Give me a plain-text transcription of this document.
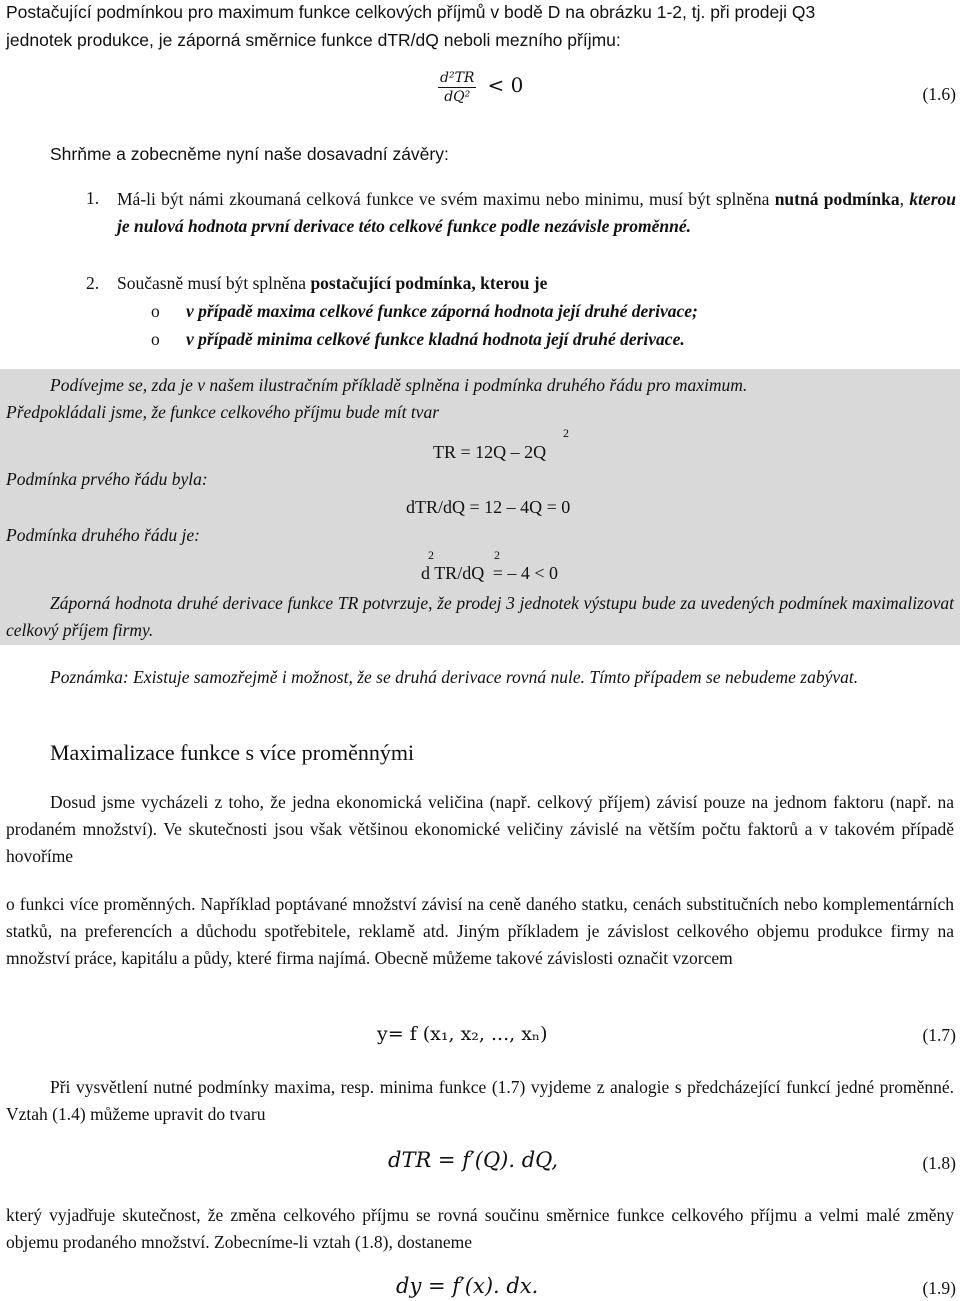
Postačující podmínkou pro maximum funkce celkových příjmů v bodě D na obrázku 1-2, tj. při prodeji Q3
jednotek produkce, je záporná směrnice funkce dTR/dQ neboli mezního příjmu:
$\frac{\text{d²TR}}{\text{dQ²}} < 0$	(1.6)
Shrňme a zobecněme nyní naše dosavadní závěry:
1. Má-li být námi zkoumaná celková funkce ve svém maximu nebo minimu, musí být splněna nutná podmínka, kterou je nulová hodnota první derivace této celkové funkce podle nezávisle proměnné.
2. Současně musí být splněna postačující podmínka, kterou je
o v případě maxima celkové funkce záporná hodnota její druhé derivace;
o v případě minima celkové funkce kladná hodnota její druhé derivace.
Podívejme se, zda je v našem ilustračním příkladě splněna i podmínka druhého řádu pro maximum.
Předpokládali jsme, že funkce celkového příjmu bude mít tvar
2
TR = 12Q – 2Q
Podmínka prvého řádu byla:
dTR/dQ = 12 – 4Q = 0
Podmínka druhého řádu je:
2	2
d TR/dQ = – 4 < 0
Záporná hodnota druhé derivace funkce TR potvrzuje, že prodej 3 jednotek výstupu bude za uvedených podmínek maximalizovat celkový příjem firmy.
Poznámka: Existuje samozřejmě i možnost, že se druhá derivace rovná nule. Tímto případem se nebudeme zabývat.
Maximalizace funkce s více proměnnými
Dosud jsme vycházeli z toho, že jedna ekonomická veličina (např. celkový příjem) závisí pouze na jednom faktoru (např. na prodaném množství). Ve skutečnosti jsou však většinou ekonomické veličiny závislé na větším počtu faktorů a v takovém případě hovoříme
o funkci více proměnných. Například poptávané množství závisí na ceně daného statku, cenách substitučních nebo komplementárních statků, na preferencích a důchodu spotřebitele, reklamě atd. Jiným příkladem je závislost celkového objemu produkce firmy na množství práce, kapitálu a půdy, které firma najímá. Obecně můžeme takové závislosti označit vzorcem
y= f (x₁, x₂, ..., xₙ)	(1.7)
Při vysvětlení nutné podmínky maxima, resp. minima funkce (1.7) vyjdeme z analogie s předcházející funkcí jedné proměnné. Vztah (1.4) můžeme upravit do tvaru
dTR = f′(Q). dQ,	(1.8)
který vyjadřuje skutečnost, že změna celkového příjmu se rovná součinu směrnice funkce celkového příjmu a velmi malé změny objemu prodaného množství. Zobecníme-li vztah (1.8), dostaneme
dy = f′(x). dx.	(1.9)
